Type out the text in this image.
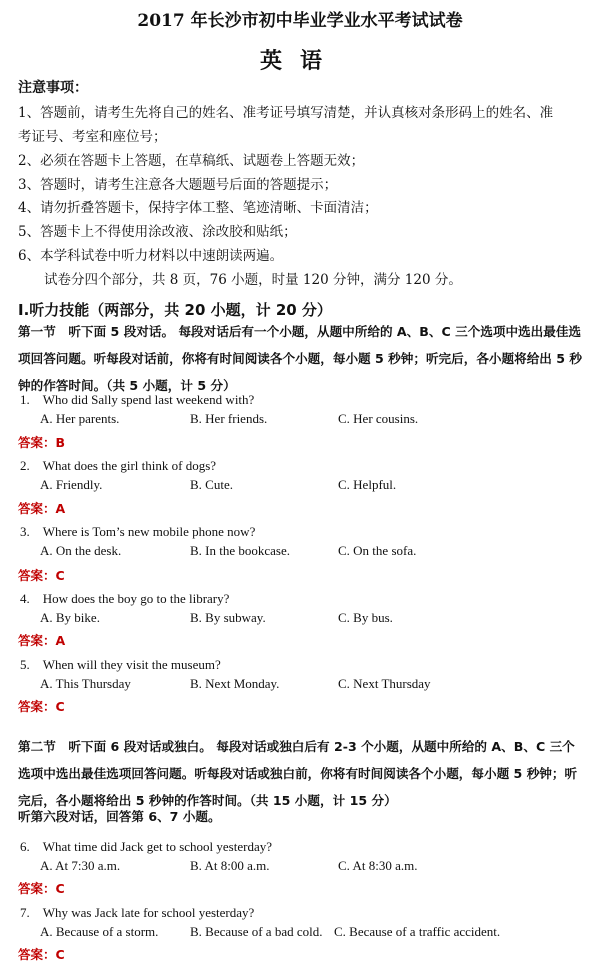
2017 年长沙市初中毕业学业水平考试试卷
英语
注意事项：
1、答题前，请考生先将自己的姓名、准考证号填写清楚，并认真核对条形码上的姓名、准
考证号、考室和座位号；
2、必须在答题卡上答题，在草稿纸、试题卷上答题无效；
3、答题时，请考生注意各大题题号后面的答题提示；
4、请勿折叠答题卡，保持字体工整、笔迹清晰、卡面清洁；
5、答题卡上不得使用涂改液、涂改胶和贴纸；
6、本学科试卷中听力材料以中速朗读两遍。
试卷分四个部分，共 8 页，76 小题，时量 120 分钟，满分 120 分。
Ⅰ.听力技能（两部分，共 20 小题，计 20 分）
第一节　听下面 5 段对话。 每段对话后有一个小题，从题中所给的 A、B、C 三个选项中选出最佳选项回答问题。听每段对话前，你将有时间阅读各个小题，每小题 5 秒钟；听完后，各小题将给出 5 秒钟的作答时间。（共 5 小题，计 5 分）
1.　Who did Sally spend last weekend with?
A. Her parents.	B. Her friends.	C. Her cousins.
答案：B
2.　What does the girl think of dogs?
A. Friendly.	B. Cute.	C. Helpful.
答案：A
3.　Where is Tom’s new mobile phone now?
A. On the desk.	B. In the bookcase.	C. On the sofa.
答案：C
4.　How does the boy go to the library?
A. By bike.	B. By subway.	C. By bus.
答案：A
5.　When will they visit the museum?
A. This Thursday	B. Next Monday.	C. Next Thursday
答案：C
第二节　听下面 6 段对话或独白。 每段对话或独白后有 2-3 个小题，从题中所给的 A、B、C 三个选项中选出最佳选项回答问题。听每段对话或独白前，你将有时间阅读各个小题，每小题 5 秒钟；听完后，各小题将给出 5 秒钟的作答时间。（共 15 小题，计 15 分）
听第六段对话，回答第 6、7 小题。
6.　What time did Jack get to school yesterday?
A. At 7:30 a.m.	B. At 8:00 a.m.	C. At 8:30 a.m.
答案：C
7.　Why was Jack late for school yesterday?
A. Because of a storm. B. Because of a bad cold. C. Because of a traffic accident.
答案：C
